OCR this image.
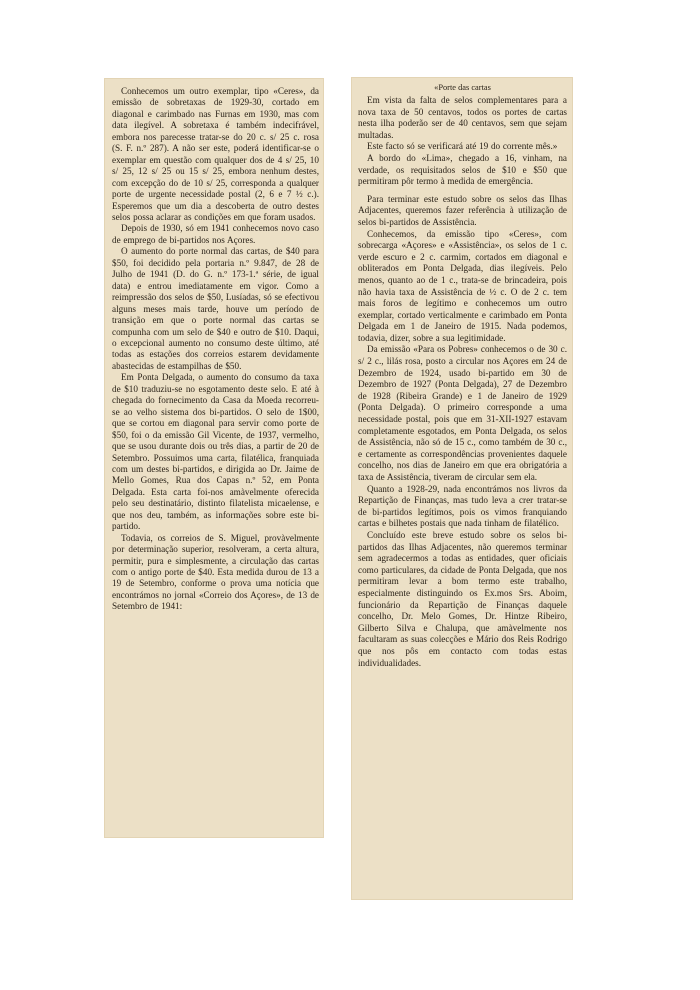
Conhecemos um outro exemplar, tipo «Ceres», da emissão de sobretaxas de 1929-30, cortado em diagonal e carimbado nas Furnas em 1930, mas com data ilegível. A sobretaxa é também indecifrável, embora nos parecesse tratar-se do 20 c. s/ 25 c. rosa (S. F. n.º 287). A não ser este, poderá identificar-se o exemplar em questão com qualquer dos de 4 s/ 25, 10 s/ 25, 12 s/ 25 ou 15 s/ 25, embora nenhum destes, com excepção do de 10 s/ 25, corresponda a qualquer porte de urgente necessidade postal (2, 6 e 7 ½ c.). Esperemos que um dia a descoberta de outro destes selos possa aclarar as condições em que foram usados.

Depois de 1930, só em 1941 conhecemos novo caso de emprego de bi-partidos nos Açores.

O aumento do porte normal das cartas, de $40 para $50, foi decidido pela portaria n.º 9.847, de 28 de Julho de 1941 (D. do G. n.º 173-1.ª série, de igual data) e entrou imediatamente em vigor. Como a reimpressão dos selos de $50, Lusíadas, só se efectivou alguns meses mais tarde, houve um período de transição em que o porte normal das cartas se compunha com um selo de $40 e outro de $10. Daqui, o excepcional aumento no consumo deste último, até todas as estações dos correios estarem devidamente abastecidas de estampilhas de $50.

Em Ponta Delgada, o aumento do consumo da taxa de $10 traduziu-se no esgotamento deste selo. E até à chegada do fornecimento da Casa da Moeda recorreu-se ao velho sistema dos bi-partidos. O selo de 1$00, que se cortou em diagonal para servir como porte de $50, foi o da emissão Gil Vicente, de 1937, vermelho, que se usou durante dois ou três dias, a partir de 20 de Setembro. Possuimos uma carta, filatélica, franquiada com um destes bi-partidos, e dirigida ao Dr. Jaime de Mello Gomes, Rua dos Capas n.º 52, em Ponta Delgada. Esta carta foi-nos amàvelmente oferecida pelo seu destinatário, distinto filatelista micaelense, e que nos deu, também, as informações sobre este bi-partido.

Todavia, os correios de S. Miguel, provàvelmente por determinação superior, resolveram, a certa altura, permitir, pura e simplesmente, a circulação das cartas com o antigo porte de $40. Esta medida durou de 13 a 19 de Setembro, conforme o prova uma notícia que encontrámos no jornal «Correio dos Açores», de 13 de Setembro de 1941:

«Porte das cartas

Em vista da falta de selos complementares para a nova taxa de 50 centavos, todos os portes de cartas nesta ilha poderão ser de 40 centavos, sem que sejam multadas.

Este facto só se verificará até 19 do corrente mês.»

A bordo do «Lima», chegado a 16, vinham, na verdade, os requisitados selos de $10 e $50 que permitiram pôr termo à medida de emergência.

Para terminar este estudo sobre os selos das Ilhas Adjacentes, queremos fazer referência à utilização de selos bi-partidos de Assistência.

Conhecemos, da emissão tipo «Ceres», com sobrecarga «Açores» e «Assistência», os selos de 1 c. verde escuro e 2 c. carmim, cortados em diagonal e obliterados em Ponta Delgada, dias ilegíveis. Pelo menos, quanto ao de 1 c., trata-se de brincadeira, pois não havia taxa de Assistência de ½ c. O de 2 c. tem mais foros de legítimo e conhecemos um outro exemplar, cortado verticalmente e carimbado em Ponta Delgada em 1 de Janeiro de 1915. Nada podemos, todavia, dizer, sobre a sua legitimidade.

Da emissão «Para os Pobres» conhecemos o de 30 c. s/ 2 c., lilás rosa, posto a circular nos Açores em 24 de Dezembro de 1924, usado bi-partido em 30 de Dezembro de 1927 (Ponta Delgada), 27 de Dezembro de 1928 (Ribeira Grande) e 1 de Janeiro de 1929 (Ponta Delgada). O primeiro corresponde a uma necessidade postal, pois que em 31-XII-1927 estavam completamente esgotados, em Ponta Delgada, os selos de Assistência, não só de 15 c., como também de 30 c., e certamente as correspondências provenientes daquele concelho, nos dias de Janeiro em que era obrigatória a taxa de Assistência, tiveram de circular sem ela.

Quanto a 1928-29, nada encontrámos nos livros da Repartição de Finanças, mas tudo leva a crer tratar-se de bi-partidos legítimos, pois os vimos franquiando cartas e bilhetes postais que nada tinham de filatélico.

Concluído este breve estudo sobre os selos bi-partidos das Ilhas Adjacentes, não queremos terminar sem agradecermos a todas as entidades, quer oficiais como particulares, da cidade de Ponta Delgada, que nos permitiram levar a bom termo este trabalho, especialmente distinguindo os Ex.mos Srs. Aboim, funcionário da Repartição de Finanças daquele concelho, Dr. Melo Gomes, Dr. Hintze Ribeiro, Gilberto Silva e Chalupa, que amàvelmente nos facultaram as suas colecções e Mário dos Reis Rodrigo que nos pôs em contacto com todas estas individualidades.
